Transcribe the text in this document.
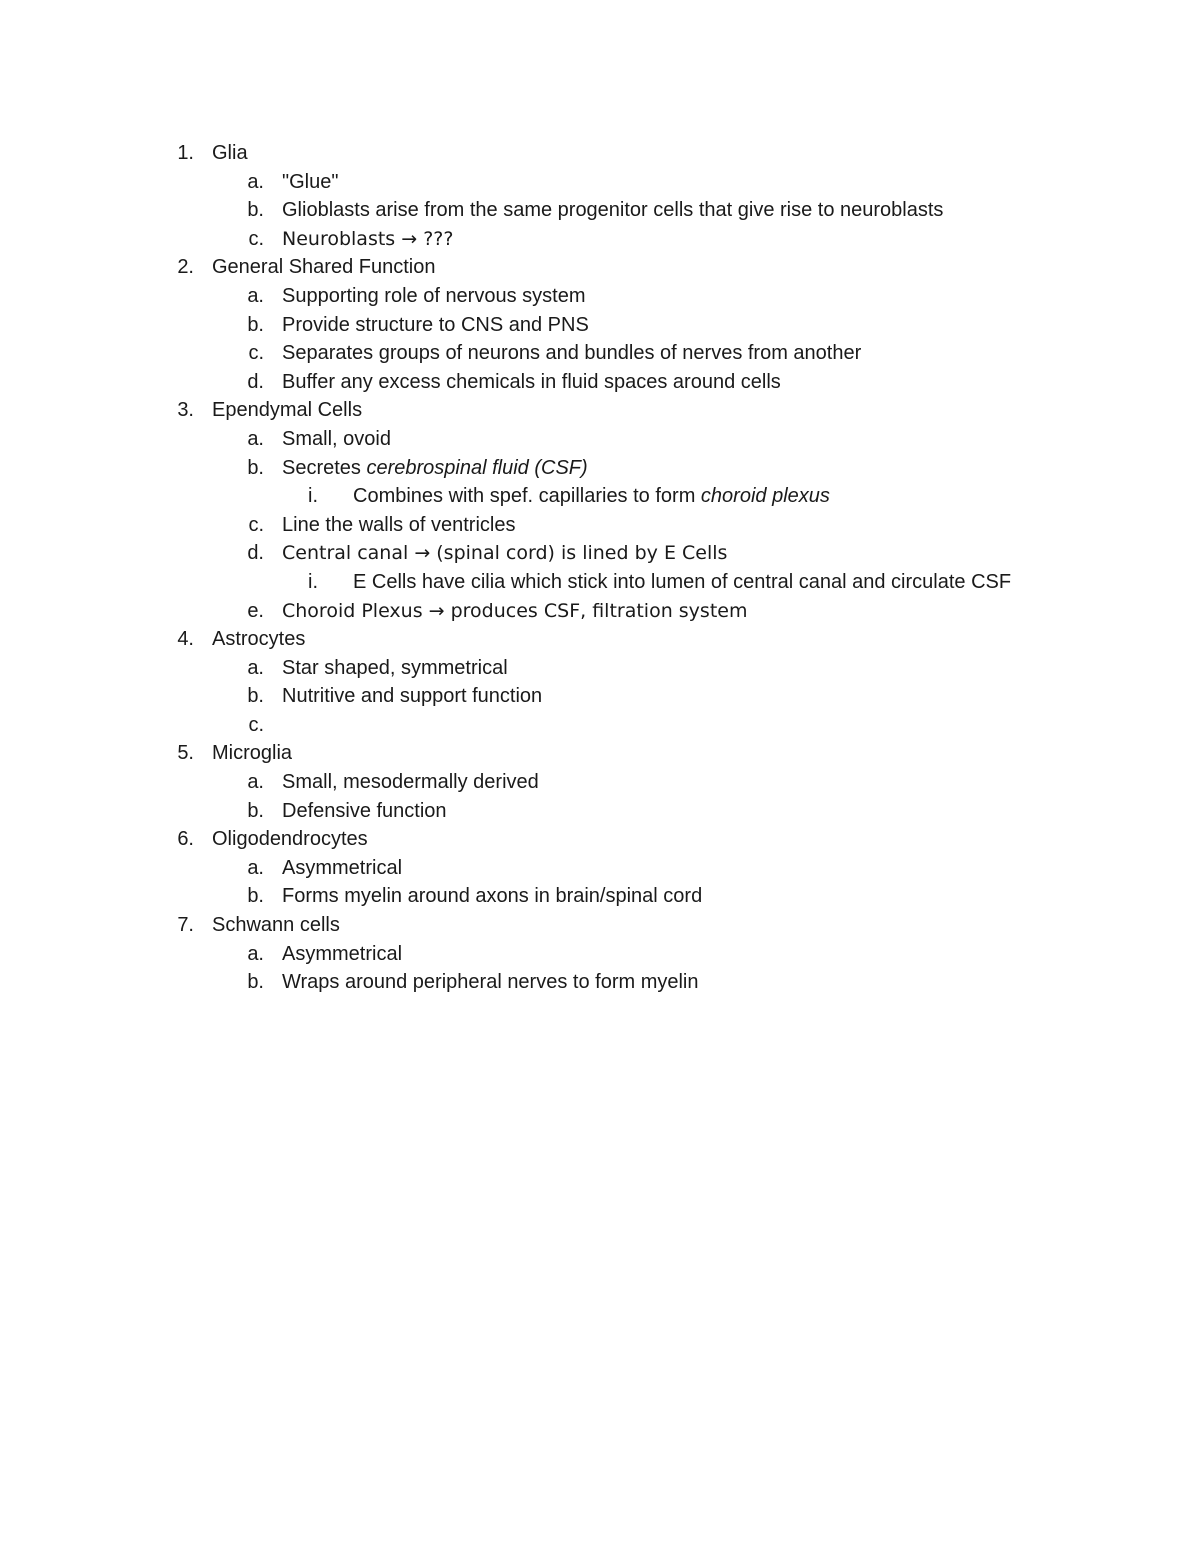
1. Glia
a. "Glue"
b. Glioblasts arise from the same progenitor cells that give rise to neuroblasts
c. Neuroblasts → ???
2. General Shared Function
a. Supporting role of nervous system
b. Provide structure to CNS and PNS
c. Separates groups of neurons and bundles of nerves from another
d. Buffer any excess chemicals in fluid spaces around cells
3. Ependymal Cells
a. Small, ovoid
b. Secretes cerebrospinal fluid (CSF)
i. Combines with spef. capillaries to form choroid plexus
c. Line the walls of ventricles
d. Central canal → (spinal cord) is lined by E Cells
i. E Cells have cilia which stick into lumen of central canal and circulate CSF
e. Choroid Plexus → produces CSF, filtration system
4. Astrocytes
a. Star shaped, symmetrical
b. Nutritive and support function
c.
5. Microglia
a. Small, mesodermally derived
b. Defensive function
6. Oligodendrocytes
a. Asymmetrical
b. Forms myelin around axons in brain/spinal cord
7. Schwann cells
a. Asymmetrical
b. Wraps around peripheral nerves to form myelin
